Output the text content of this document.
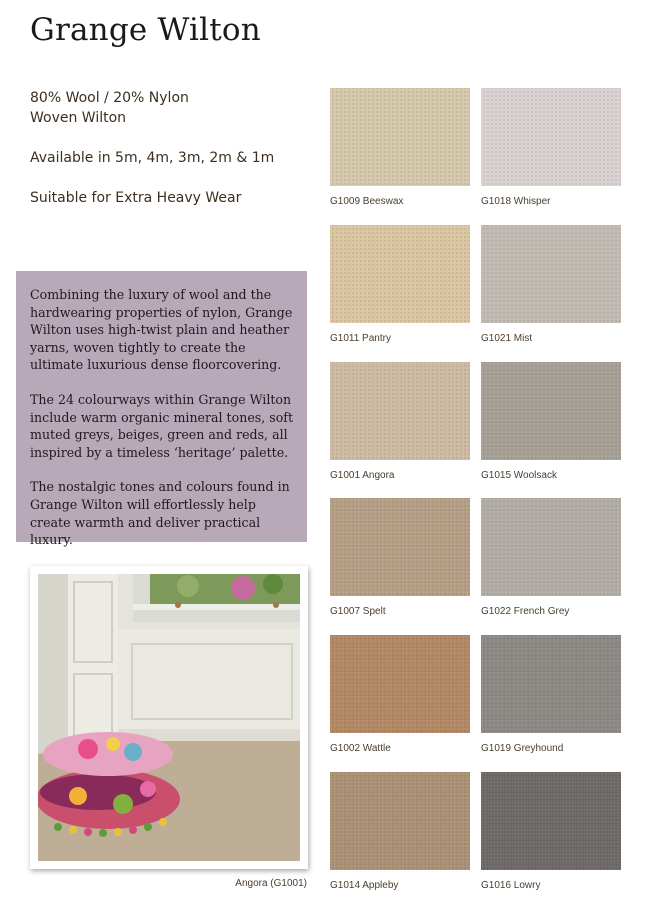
Grange Wilton
80% Wool / 20% Nylon
Woven Wilton
Available in 5m, 4m, 3m, 2m & 1m
Suitable for Extra Heavy Wear

Combining the luxury of wool and the hardwearing properties of nylon, Grange Wilton uses high-twist plain and heather yarns, woven tightly to create the ultimate luxurious dense floorcovering.

The 24 colourways within Grange Wilton include warm organic mineral tones, soft muted greys, beiges, green and reds, all inspired by a timeless ‘heritage’ palette.

The nostalgic tones and colours found in Grange Wilton will effortlessly help create warmth and deliver practical luxury.

Angora (G1001)
G1009 Beeswax	G1018 Whisper
G1011 Pantry	G1021 Mist
G1001 Angora	G1015 Woolsack
G1007 Spelt	G1022 French Grey
G1002 Wattle	G1019 Greyhound
G1014 Appleby	G1016 Lowry
